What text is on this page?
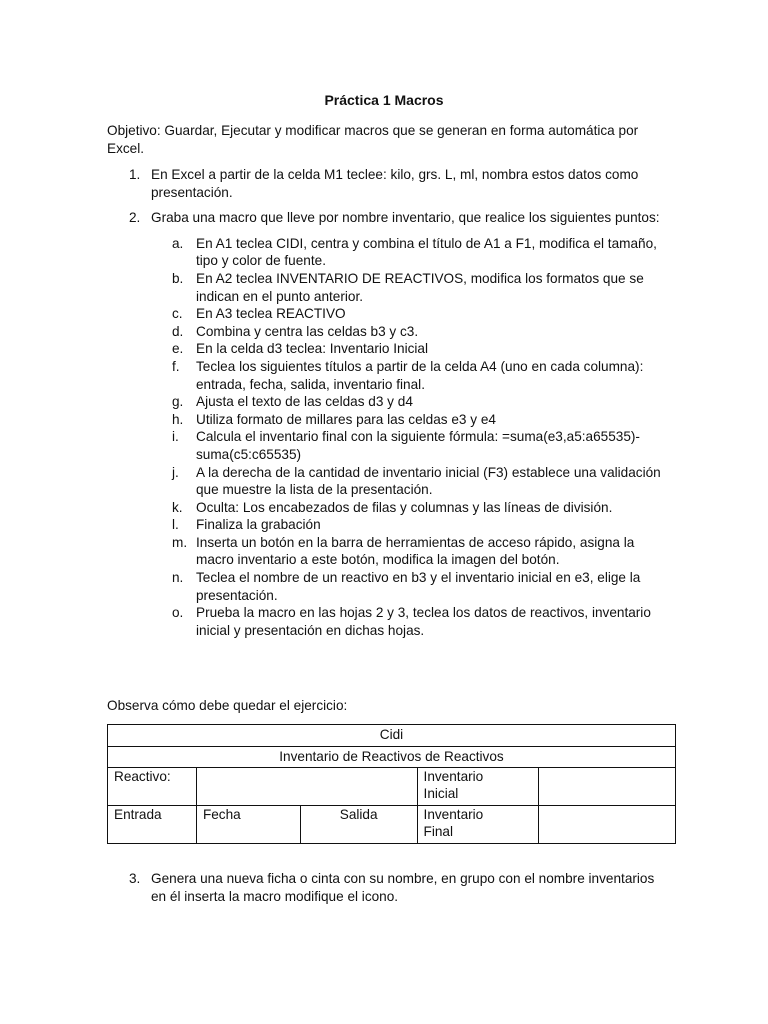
Práctica 1 Macros
Objetivo: Guardar, Ejecutar y modificar macros que se generan en forma automática por Excel.
1. En Excel a partir de la celda M1 teclee: kilo, grs. L, ml, nombra estos datos como presentación.
2. Graba una macro que lleve por nombre inventario, que realice los siguientes puntos:
a. En A1 teclea CIDI, centra y combina el título de A1 a F1, modifica el tamaño, tipo y color de fuente.
b. En A2 teclea INVENTARIO DE REACTIVOS, modifica los formatos que se indican en el punto anterior.
c. En A3 teclea REACTIVO
d. Combina y centra las celdas b3 y c3.
e. En la celda d3 teclea: Inventario Inicial
f. Teclea los siguientes títulos a partir de la celda A4 (uno en cada columna): entrada, fecha, salida, inventario final.
g. Ajusta el texto de las celdas d3 y d4
h. Utiliza formato de millares para las celdas e3 y e4
i. Calcula el inventario final con la siguiente fórmula: =suma(e3,a5:a65535)-suma(c5:c65535)
j. A la derecha de la cantidad de inventario inicial (F3) establece una validación que muestre la lista de la presentación.
k. Oculta: Los encabezados de filas y columnas y las líneas de división.
l. Finaliza la grabación
m. Inserta un botón en la barra de herramientas de acceso rápido, asigna la macro inventario a este botón, modifica la imagen del botón.
n. Teclea el nombre de un reactivo en b3 y el inventario inicial en e3, elige la presentación.
o. Prueba la macro en las hojas 2 y 3, teclea los datos de reactivos, inventario inicial y presentación en dichas hojas.
Observa cómo debe quedar el ejercicio:
Cidi				
Inventario de Reactivos de Reactivos				
Reactivo:			Inventario
Inicial	
Entrada	Fecha	Salida	Inventario
Final	
3. Genera una nueva ficha o cinta con su nombre, en grupo con el nombre inventarios en él inserta la macro modifique el icono.
